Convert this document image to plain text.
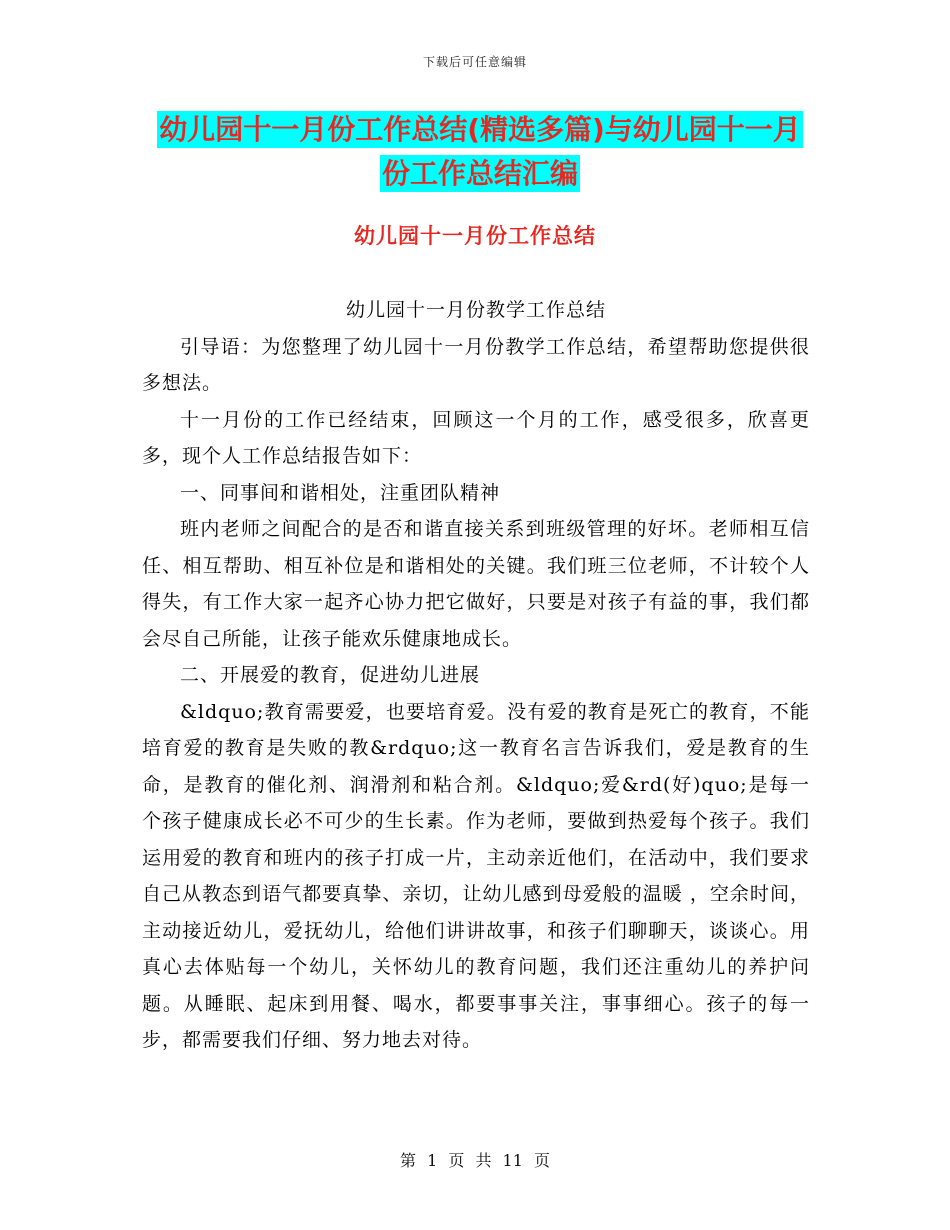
下载后可任意编辑
幼儿园十一月份工作总结(精选多篇)与幼儿园十一月
份工作总结汇编
幼儿园十一月份工作总结

幼儿园十一月份教学工作总结

引导语：为您整理了幼儿园十一月份教学工作总结，希望帮助您提供很多想法。

十一月份的工作已经结束，回顾这一个月的工作，感受很多，欣喜更多，现个人工作总结报告如下：

一、同事间和谐相处，注重团队精神

班内老师之间配合的是否和谐直接关系到班级管理的好坏。老师相互信任、相互帮助、相互补位是和谐相处的关键。我们班三位老师，不计较个人得失，有工作大家一起齐心协力把它做好，只要是对孩子有益的事，我们都会尽自己所能，让孩子能欢乐健康地成长。

二、开展爱的教育，促进幼儿进展

&ldquo;教育需要爱，也要培育爱。没有爱的教育是死亡的教育，不能培育爱的教育是失败的教&rdquo;这一教育名言告诉我们，爱是教育的生命，是教育的催化剂、润滑剂和粘合剂。&ldquo;爱&rd(好)quo;是每一个孩子健康成长必不可少的生长素。作为老师，要做到热爱每个孩子。我们运用爱的教育和班内的孩子打成一片，主动亲近他们，在活动中，我们要求自己从教态到语气都要真挚、亲切，让幼儿感到母爱般的温暖 ，空余时间，主动接近幼儿，爱抚幼儿，给他们讲讲故事，和孩子们聊聊天，谈谈心。用真心去体贴每一个幼儿，关怀幼儿的教育问题，我们还注重幼儿的养护问题。从睡眠、起床到用餐、喝水，都要事事关注，事事细心。孩子的每一步，都需要我们仔细、努力地去对待。

第 1 页 共 11 页
